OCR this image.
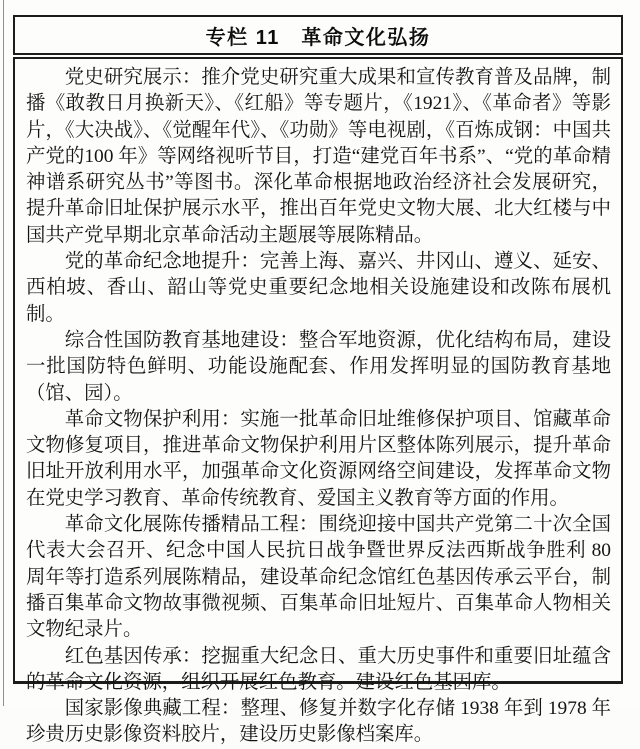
专栏 11　革命文化弘扬

党史研究展示：推介党史研究重大成果和宣传教育普及品牌，制播《敢教日月换新天》、《红船》等专题片，《1921》、《革命者》等影片，《大决战》、《觉醒年代》、《功勋》等电视剧，《百炼成钢：中国共产党的100 年》等网络视听节目，打造“建党百年书系”、“党的革命精神谱系研究丛书”等图书。深化革命根据地政治经济社会发展研究，提升革命旧址保护展示水平，推出百年党史文物大展、北大红楼与中国共产党早期北京革命活动主题展等展陈精品。

党的革命纪念地提升：完善上海、嘉兴、井冈山、遵义、延安、西柏坡、香山、韶山等党史重要纪念地相关设施建设和改陈布展机制。

综合性国防教育基地建设：整合军地资源，优化结构布局，建设一批国防特色鲜明、功能设施配套、作用发挥明显的国防教育基地（馆、园）。

革命文物保护利用：实施一批革命旧址维修保护项目、馆藏革命文物修复项目，推进革命文物保护利用片区整体陈列展示，提升革命旧址开放利用水平，加强革命文化资源网络空间建设，发挥革命文物在党史学习教育、革命传统教育、爱国主义教育等方面的作用。

革命文化展陈传播精品工程：围绕迎接中国共产党第二十次全国代表大会召开、纪念中国人民抗日战争暨世界反法西斯战争胜利 80 周年等打造系列展陈精品，建设革命纪念馆红色基因传承云平台，制播百集革命文物故事微视频、百集革命旧址短片、百集革命人物相关文物纪录片。

红色基因传承：挖掘重大纪念日、重大历史事件和重要旧址蕴含的革命文化资源，组织开展红色教育。建设红色基因库。

国家影像典藏工程：整理、修复并数字化存储 1938 年到 1978 年珍贵历史影像资料胶片，建设历史影像档案库。
